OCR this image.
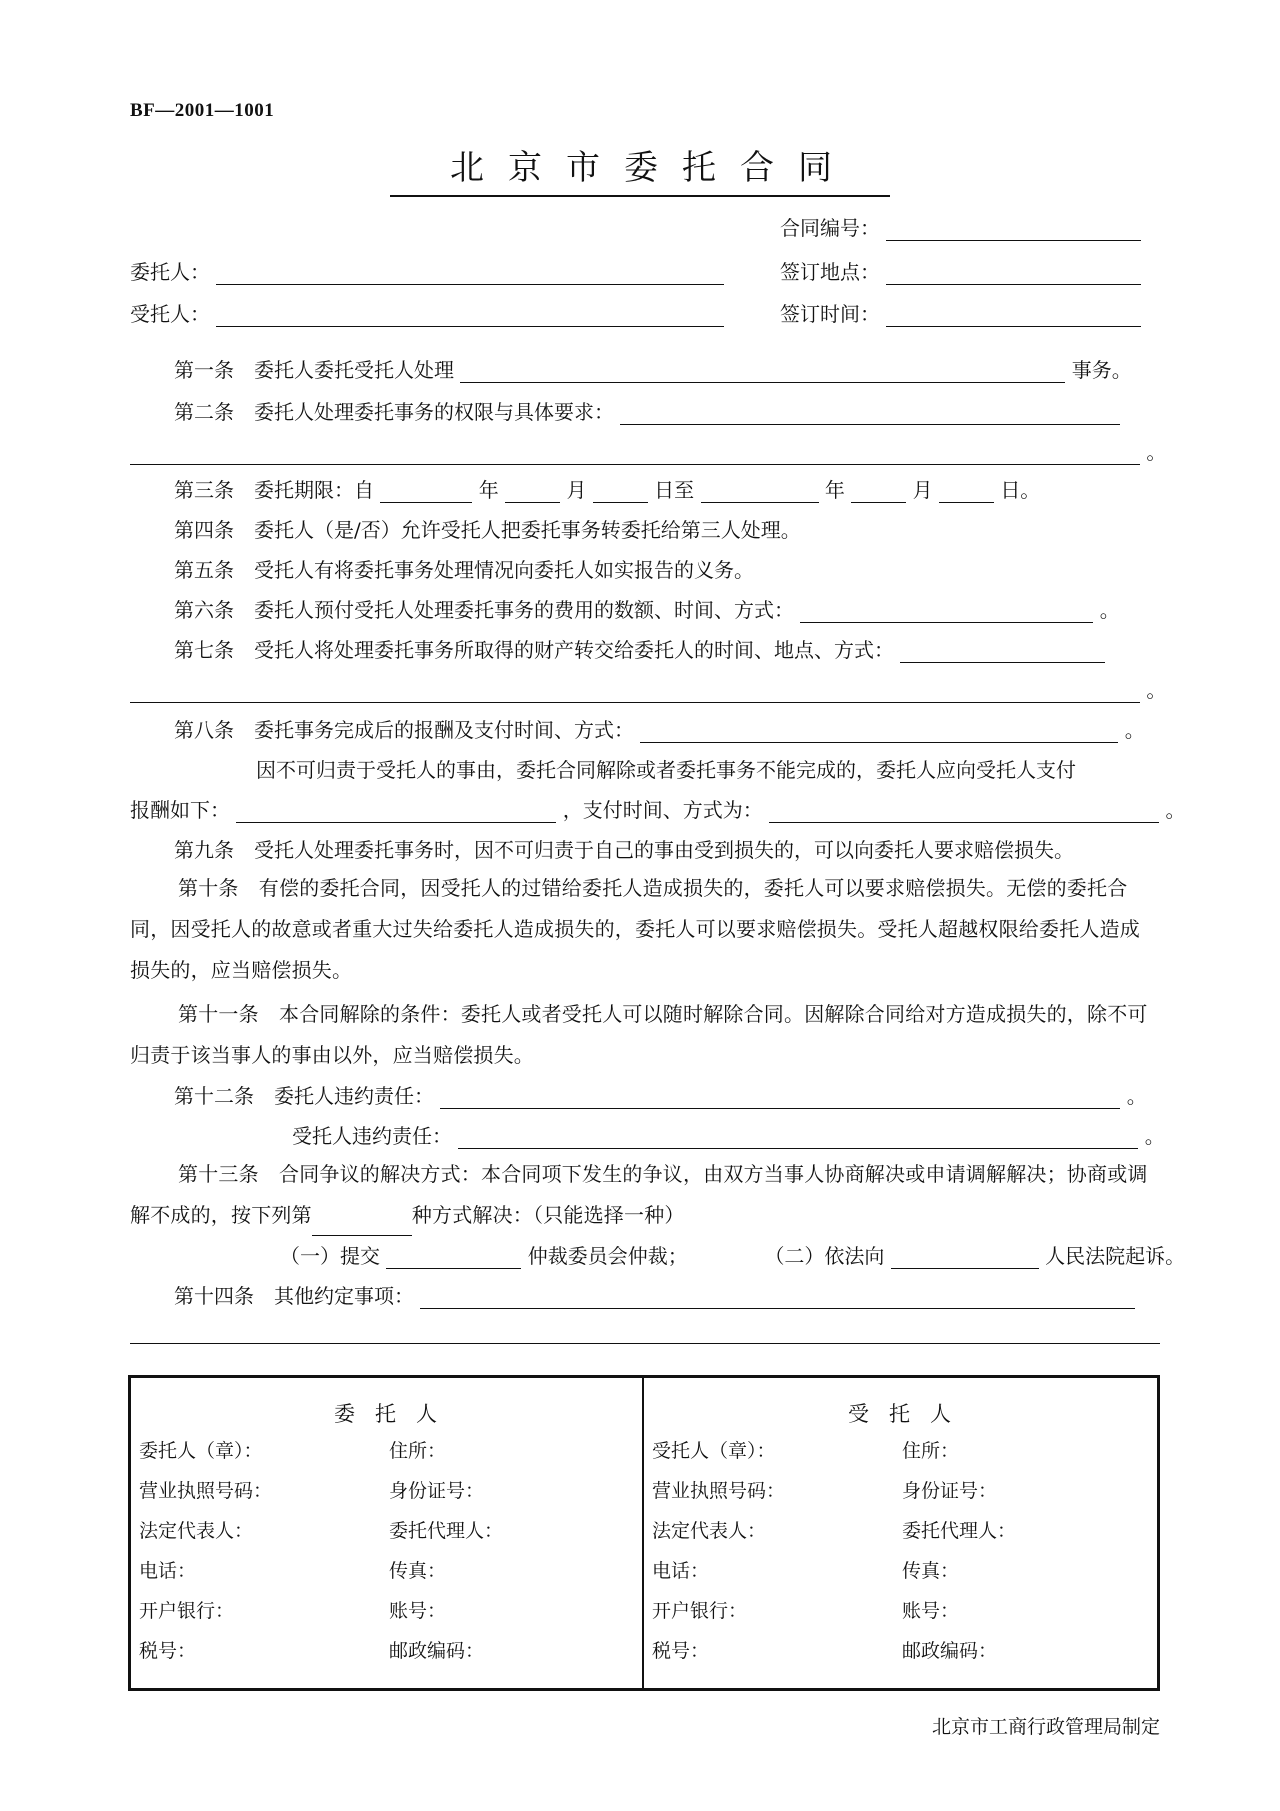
BF—2001—1001
北京市委托合同
合同编号：
委托人：	签订地点：
受托人：	签订时间：
第一条　委托人委托受托人处理	事务。
第二条　委托人处理委托事务的权限与具体要求：
。
第三条　委托期限：自	年	月	日至	年	月	日。
第四条　委托人（是/否）允许受托人把委托事务转委托给第三人处理。
第五条　受托人有将委托事务处理情况向委托人如实报告的义务。
第六条　委托人预付受托人处理委托事务的费用的数额、时间、方式：	。
第七条　受托人将处理委托事务所取得的财产转交给委托人的时间、地点、方式：
。
第八条　委托事务完成后的报酬及支付时间、方式：	。
因不可归责于受托人的事由，委托合同解除或者委托事务不能完成的，委托人应向受托人支付
报酬如下：	，支付时间、方式为：	。
第九条　受托人处理委托事务时，因不可归责于自己的事由受到损失的，可以向委托人要求赔偿损失。
第十条　有偿的委托合同，因受托人的过错给委托人造成损失的，委托人可以要求赔偿损失。无偿的委托合同，因受托人的故意或者重大过失给委托人造成损失的，委托人可以要求赔偿损失。受托人超越权限给委托人造成损失的，应当赔偿损失。
第十一条　本合同解除的条件：委托人或者受托人可以随时解除合同。因解除合同给对方造成损失的，除不可归责于该当事人的事由以外，应当赔偿损失。
第十二条　委托人违约责任：	。
受托人违约责任：	。
第十三条　合同争议的解决方式：本合同项下发生的争议，由双方当事人协商解决或申请调解解决；协商或调解不成的，按下列第	种方式解决：（只能选择一种）
（一）提交	仲裁委员会仲裁；	（二）依法向	人民法院起诉。
第十四条　其他约定事项：
委托人
委托人（章）：	住所：
营业执照号码：	身份证号：
法定代表人：	委托代理人：
电话：	传真：
开户银行：	账号：
税号：	邮政编码：
受托人
受托人（章）：	住所：
营业执照号码：	身份证号：
法定代表人：	委托代理人：
电话：	传真：
开户银行：	账号：
税号：	邮政编码：
北京市工商行政管理局制定
